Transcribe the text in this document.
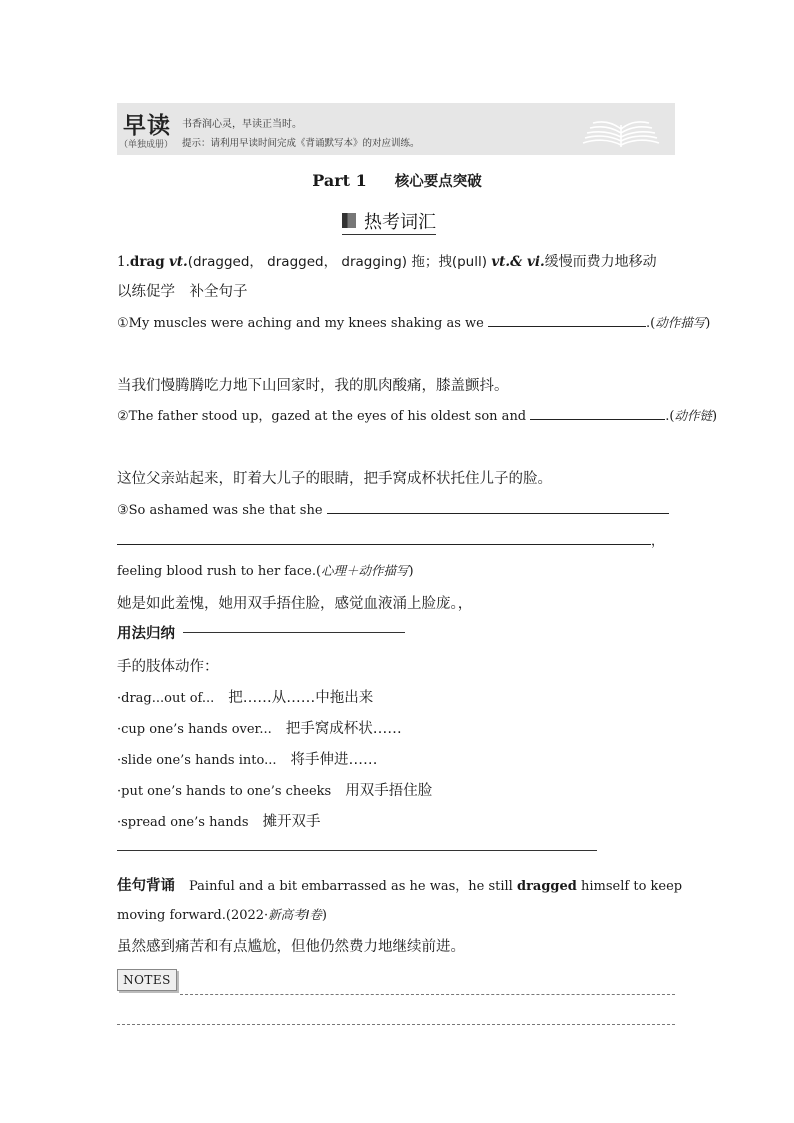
早读
（单独成册）
书香润心灵，早读正当时。
提示：请利用早读时间完成《背诵默写本》的对应训练。
Part 1 核心要点突破
热考词汇
1.drag vt.(dragged， dragged， dragging) 拖；拽(pull) vt.& vi.缓慢而费力地移动
以练促学　补全句子
①My muscles were aching and my knees shaking as we	.(动作描写)
当我们慢腾腾吃力地下山回家时，我的肌肉酸痛，膝盖颤抖。
②The father stood up，gazed at the eyes of his oldest son and	.(动作链)
这位父亲站起来，盯着大儿子的眼睛，把手窝成杯状托住儿子的脸。
③So ashamed was she that she
，
feeling blood rush to her face.(心理＋动作描写)
她是如此羞愧，她用双手捂住脸，感觉血液涌上脸庞。，
用法归纳
手的肢体动作：
·drag...out of...　 把……从……中拖出来
·cup one’s hands over...　 把手窝成杯状……
·slide one’s hands into...　 将手伸进……
·put one’s hands to one’s cheeks　 用双手捂住脸
·spread one’s hands　 摊开双手
佳句背诵　 Painful and a bit embarrassed as he was，he still dragged himself to keep
moving forward.(2022·新高考Ⅰ卷)
虽然感到痛苦和有点尴尬，但他仍然费力地继续前进。
NOTES
